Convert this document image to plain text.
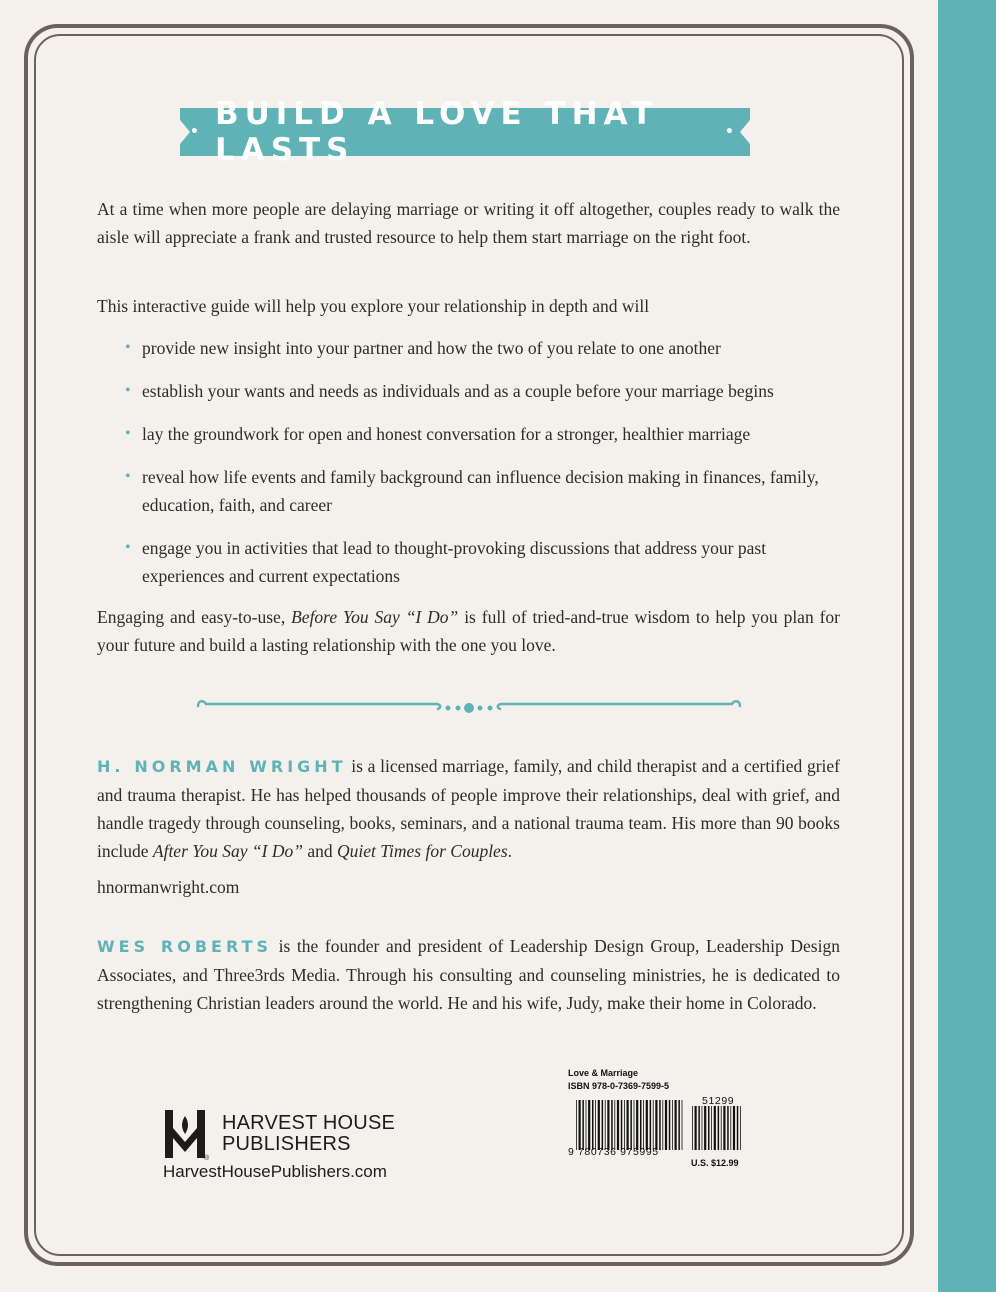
• BUILD A LOVE THAT LASTS	•

At a time when more people are delaying marriage or writing it off altogether, couples ready to walk the aisle will appreciate a frank and trusted resource to help them start marriage on the right foot.

This interactive guide will help you explore your relationship in depth and will

• provide new insight into your partner and how the two of you relate to one another
• establish your wants and needs as individuals and as a couple before your marriage begins
• lay the groundwork for open and honest conversation for a stronger, healthier marriage
• reveal how life events and family background can influence decision making in finances, family, education, faith, and career
• engage you in activities that lead to thought-provoking discussions that address your past experiences and current expectations

Engaging and easy-to-use, Before You Say “I Do” is full of tried-and-true wisdom to help you plan for your future and build a lasting relationship with the one you love.

H. NORMAN WRIGHT is a licensed marriage, family, and child therapist and a certified grief and trauma therapist. He has helped thousands of people improve their relationships, deal with grief, and handle tragedy through counseling, books, seminars, and a national trauma team. His more than 90 books include After You Say “I Do” and Quiet Times for Couples.

hnormanwright.com

WES ROBERTS is the founder and president of Leadership Design Group, Leadership Design Associates, and Three3rds Media. Through his consulting and counseling ministries, he is dedicated to strengthening Christian leaders around the world. He and his wife, Judy, make their home in Colorado.

®
HARVEST HOUSE
PUBLISHERS
HarvestHousePublishers.com
Love & Marriage
ISBN 978-0-7369-7599-5
51299
9 780736 975995
U.S. $12.99
